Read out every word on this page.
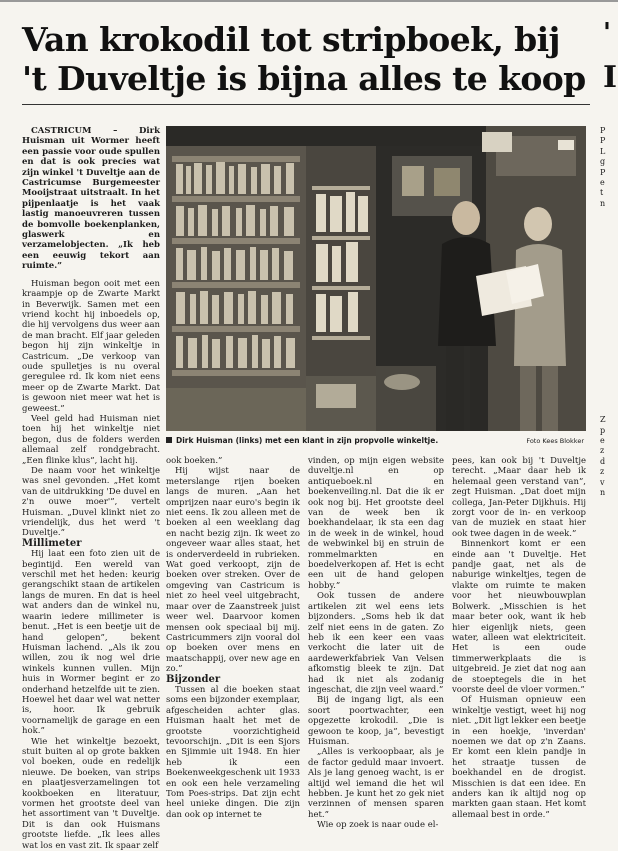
Van krokodil tot stripboek, bij 't Duveltje is bijna alles te koop
'
I

CASTRICUM – Dirk Huisman uit Wormer heeft een passie voor oude spullen en dat is ook precies wat zijn winkel 't Duveltje aan de Castricumse Burgemeester Mooijstraat uitstraalt. In het pijpenlaatje is het vaak lastig manoeuvreren tussen de bomvolle boekenplanken, glaswerk en verzamelobjecten. „Ik heb een eeuwig tekort aan ruimte.”

Huisman begon ooit met een kraampje op de Zwarte Markt in Beverwijk. Samen met een vriend kocht hij inboedels op, die hij vervolgens dus weer aan de man bracht. Elf jaar geleden begon hij zijn winkeltje in Castricum. „De verkoop van oude spulletjes is nu overal geregulee rd. Ik kom niet eens meer op de Zwarte Markt. Dat is gewoon niet meer wat het is geweest.”

Veel geld had Huisman niet toen hij het winkeltje niet begon, dus de folders werden allemaal zelf rondgebracht. „Een flinke klus”, lacht hij.

De naam voor het winkeltje was snel gevonden. „Het komt van de uitdrukking 'De duvel en z'n ouwe moer'”, vertelt Huisman. „Duvel klinkt niet zo vriendelijk, dus het werd 't Duveltje.”

Millimeter

Hij laat een foto zien uit de begintijd. Een wereld van verschil met het heden: keurig gerangschikt staan de artikelen langs de muren. En dat is heel wat anders dan de winkel nu, waarin iedere millimeter is benut. „Het is een beetje uit de hand gelopen”, bekent Huisman lachend. „Als ik zou willen, zou ik nog wel drie winkels kunnen vullen. Mijn huis in Wormer begint er zo onderhand hetzelfde uit te zien. Hoewel het daar wel wat netter is, hoor. Ik gebruik voornamelijk de garage en een hok.”

Wie het winkeltje bezoekt, stuit buiten al op grote bakken vol boeken, oude en redelijk nieuwe. De boeken, van strips en plaatjesverzamelingen tot kookboeken en literatuur, vormen het grootste deel van het assortiment van 't Duveltje. Dit is dan ook Huismans grootste liefde. „Ik lees alles wat los en vast zit. Ik spaar zelf

Dirk Huisman (links) met een klant in zijn propvolle winkeltje.	Foto Kees Blokker

ook boeken.”

Hij wijst naar de meterslange rijen boeken langs de muren. „Aan het omprijzen naar euro's begin ik niet eens. Ik zou alleen met de boeken al een weeklang dag en nacht bezig zijn. Ik weet zo ongeveer waar alles staat, het is onderverdeeld in rubrieken. Wat goed verkoopt, zijn de boeken over streken. Over de omgeving van Castricum is niet zo heel veel uitgebracht, maar over de Zaanstreek juist weer wel. Daarvoor komen mensen ook speciaal bij mij. Castricummers zijn vooral dol op boeken over mens en maatschappij, over new age en zo.”

Bijzonder

Tussen al die boeken staat soms een bijzonder exemplaar, afgescheiden achter glas. Huisman haalt het met de grootste voorzichtigheid tevoorschijn. „Dit is een Sjors en Sjimmie uit 1948. En hier heb ik een Boekenweekgeschenk uit 1933 en ook een hele verzameling Tom Poes-strips. Dat zijn echt heel unieke dingen. Die zijn dan ook op internet te

vinden, op mijn eigen website duveltje.nl en op antiqueboek.nl en boekenveiling.nl. Dat die ik er ook nog bij. Het grootste deel van de week ben ik boekhandelaar, ik sta een dag in de week in de winkel, houd de webwinkel bij en struin de rommelmarkten en boedelverkopen af. Het is echt een uit de hand gelopen hobby.”

Ook tussen de andere artikelen zit wel eens iets bijzonders. „Soms heb ik dat zelf niet eens in de gaten. Zo heb ik een keer een vaas verkocht die later uit de aardewerkfabriek Van Velsen afkomstig bleek te zijn. Dat had ik niet als zodanig ingeschat, die zijn veel waard.”

Bij de ingang ligt, als een soort poortwachter, een opgezette krokodil. „Die is gewoon te koop, ja”, bevestigt Huisman.

„Alles is verkoopbaar, als je de factor geduld maar invoert. Als je lang genoeg wacht, is er altijd wel iemand die het wil hebben. Je kunt het zo gek niet verzinnen of mensen sparen het.”

Wie op zoek is naar oude el-

pees, kan ook bij 't Duveltje terecht. „Maar daar heb ik helemaal geen verstand van”, zegt Huisman. „Dat doet mijn collega, Jan-Peter Dijkhuis. Hij zorgt voor de in- en verkoop van de muziek en staat hier ook twee dagen in de week.”

Binnenkort komt er een einde aan 't Duveltje. Het pandje gaat, net als de naburige winkeltjes, tegen de vlakte om ruimte te maken voor het nieuwbouwplan Bolwerk. „Misschien is het maar beter ook, want ik heb hier eigenlijk niets, geen water, alleen wat elektriciteit. Het is een oude timmerwerkplaats die is uitgebreid. Je ziet dat nog aan de stoeptegels die in het voorste deel de vloer vormen.”

Of Huisman opnieuw een winkeltje vestigt, weet hij nog niet. „Dit ligt lekker een beetje in een hoekje, 'inverdan' noemen we dat op z'n Zaans. Er komt een klein pandje in het straatje tussen de boekhandel en de drogist. Misschien is dat een idee. En anders kan ik altijd nog op markten gaan staan. Het komt allemaal best in orde.”

P
P
L
g
P
e
t
n
Z
p
e
z
d
z
v
n
